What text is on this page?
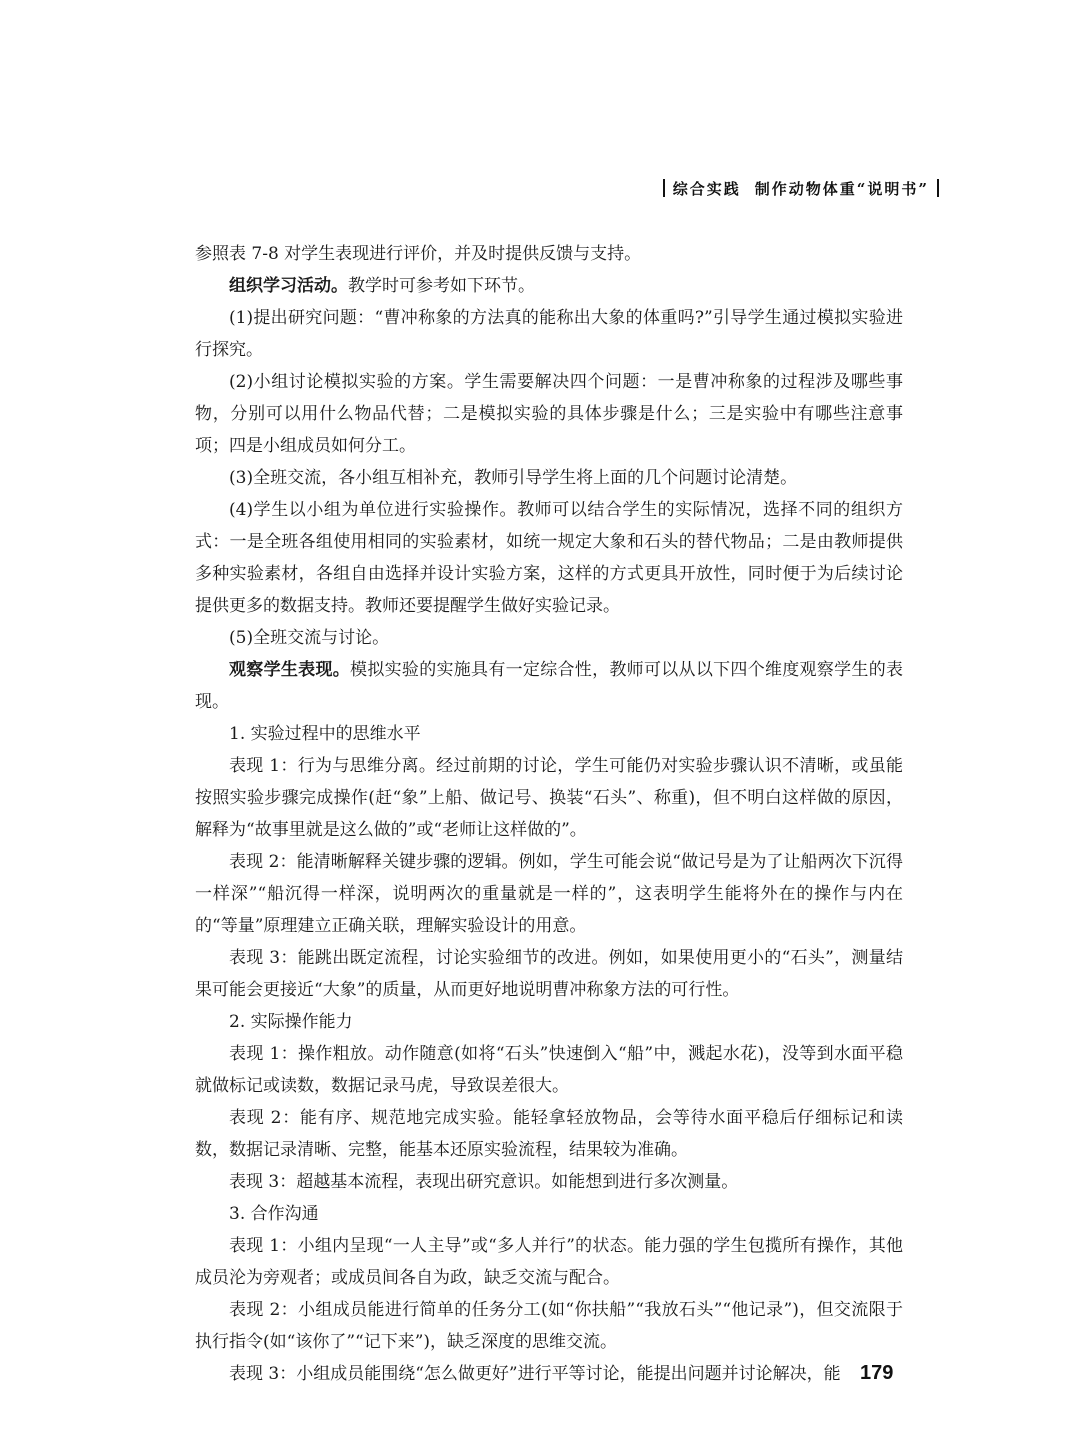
综合实践 制作动物体重“说明书”

参照表 7-8 对学生表现进行评价，并及时提供反馈与支持。

组织学习活动。教学时可参考如下环节。

(1)提出研究问题：“曹冲称象的方法真的能称出大象的体重吗?”引导学生通过模拟实验进行探究。

(2)小组讨论模拟实验的方案。学生需要解决四个问题：一是曹冲称象的过程涉及哪些事物，分别可以用什么物品代替；二是模拟实验的具体步骤是什么；三是实验中有哪些注意事项；四是小组成员如何分工。

(3)全班交流，各小组互相补充，教师引导学生将上面的几个问题讨论清楚。

(4)学生以小组为单位进行实验操作。教师可以结合学生的实际情况，选择不同的组织方式：一是全班各组使用相同的实验素材，如统一规定大象和石头的替代物品；二是由教师提供多种实验素材，各组自由选择并设计实验方案，这样的方式更具开放性，同时便于为后续讨论提供更多的数据支持。教师还要提醒学生做好实验记录。

(5)全班交流与讨论。

观察学生表现。模拟实验的实施具有一定综合性，教师可以从以下四个维度观察学生的表现。

1. 实验过程中的思维水平

表现 1：行为与思维分离。经过前期的讨论，学生可能仍对实验步骤认识不清晰，或虽能按照实验步骤完成操作(赶“象”上船、做记号、换装“石头”、称重)，但不明白这样做的原因，解释为“故事里就是这么做的”或“老师让这样做的”。

表现 2：能清晰解释关键步骤的逻辑。例如，学生可能会说“做记号是为了让船两次下沉得一样深”“船沉得一样深，说明两次的重量就是一样的”，这表明学生能将外在的操作与内在的“等量”原理建立正确关联，理解实验设计的用意。

表现 3：能跳出既定流程，讨论实验细节的改进。例如，如果使用更小的“石头”，测量结果可能会更接近“大象”的质量，从而更好地说明曹冲称象方法的可行性。

2. 实际操作能力

表现 1：操作粗放。动作随意(如将“石头”快速倒入“船”中，溅起水花)，没等到水面平稳就做标记或读数，数据记录马虎，导致误差很大。

表现 2：能有序、规范地完成实验。能轻拿轻放物品，会等待水面平稳后仔细标记和读数，数据记录清晰、完整，能基本还原实验流程，结果较为准确。

表现 3：超越基本流程，表现出研究意识。如能想到进行多次测量。

3. 合作沟通

表现 1：小组内呈现“一人主导”或“多人并行”的状态。能力强的学生包揽所有操作，其他成员沦为旁观者；或成员间各自为政，缺乏交流与配合。

表现 2：小组成员能进行简单的任务分工(如“你扶船”“我放石头”“他记录”)，但交流限于执行指令(如“该你了”“记下来”)，缺乏深度的思维交流。

表现 3：小组成员能围绕“怎么做更好”进行平等讨论，能提出问题并讨论解决，能 179
